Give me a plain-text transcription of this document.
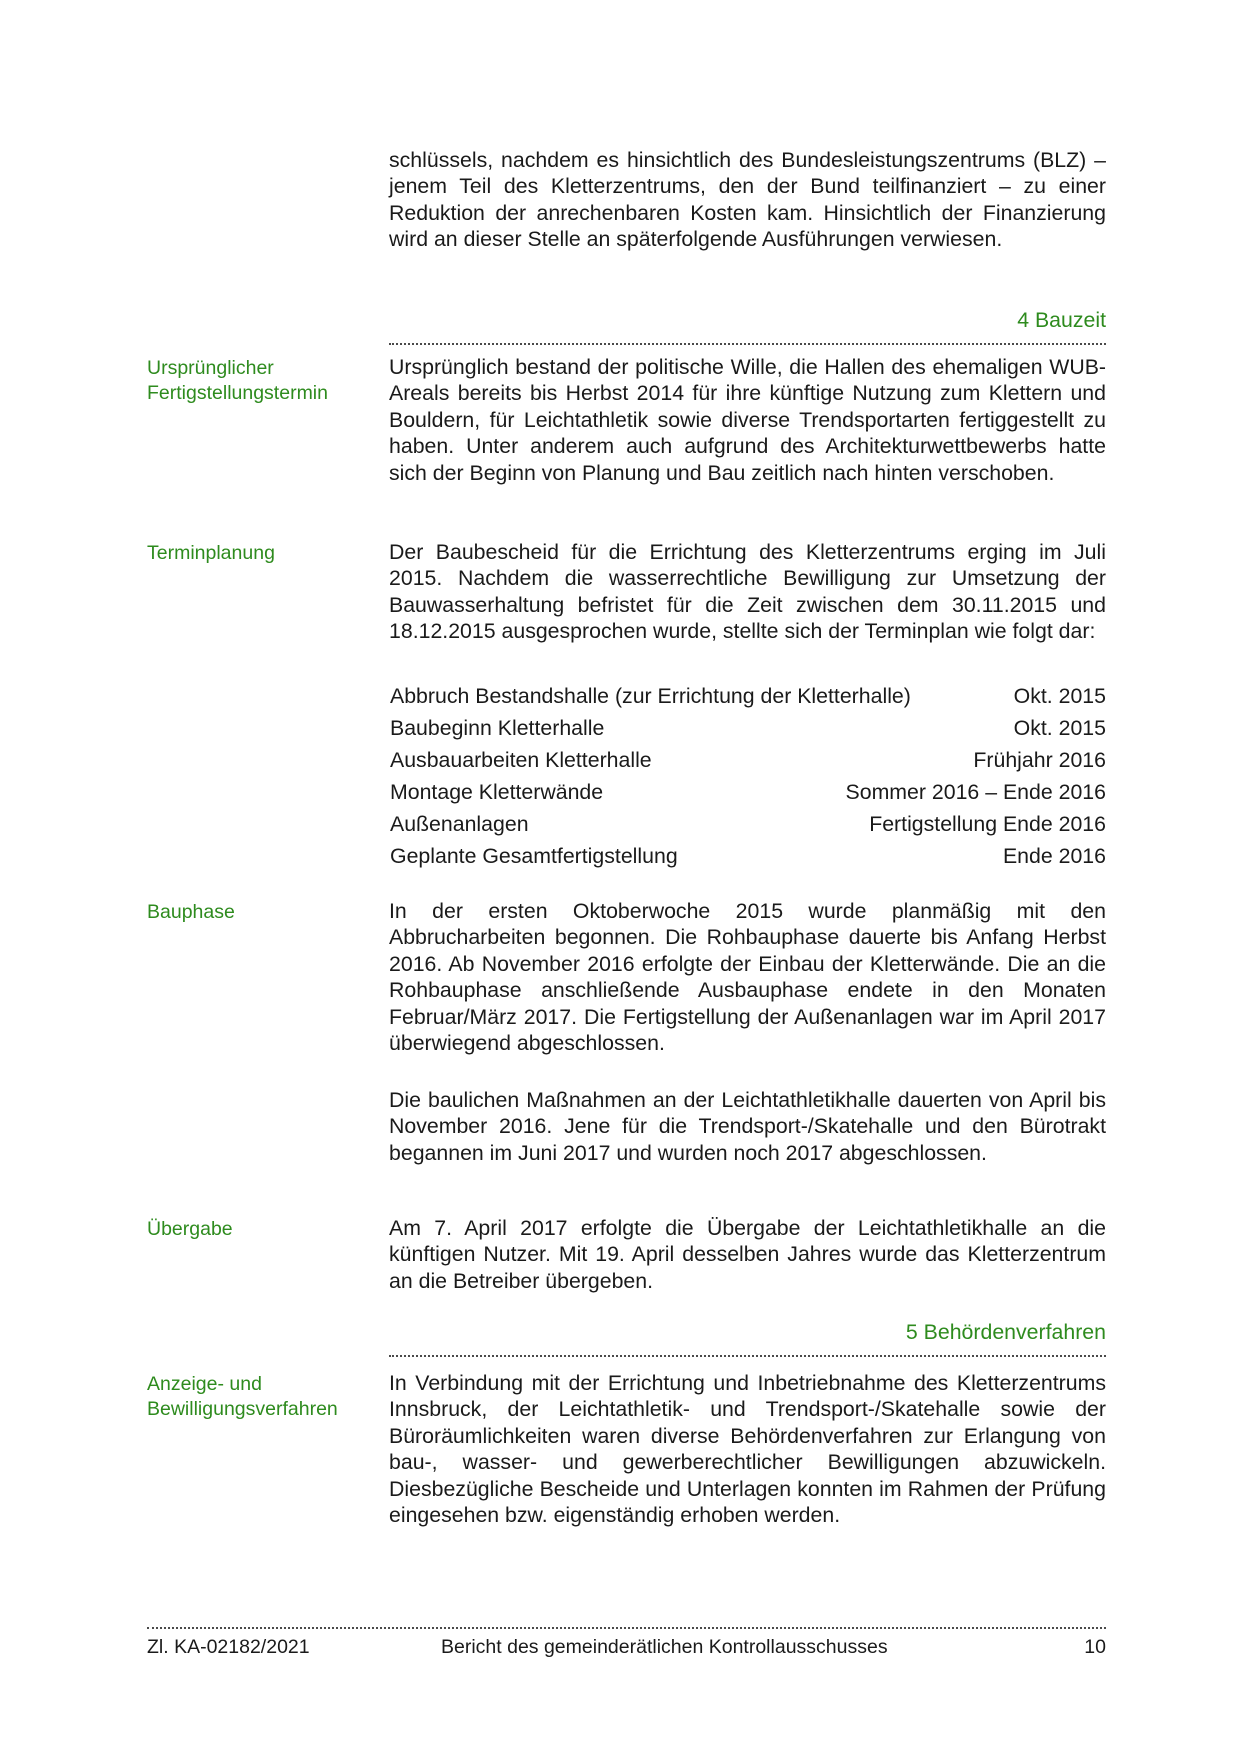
schlüssels, nachdem es hinsichtlich des Bundesleistungszentrums (BLZ) – jenem Teil des Kletterzentrums, den der Bund teilfinanziert – zu einer Reduktion der anrechenbaren Kosten kam. Hinsichtlich der Finanzierung wird an dieser Stelle an späterfolgende Ausführungen verwiesen.

4 Bauzeit

Ursprünglicher Fertigstellungstermin

Ursprünglich bestand der politische Wille, die Hallen des ehemaligen WUB-Areals bereits bis Herbst 2014 für ihre künftige Nutzung zum Klettern und Bouldern, für Leichtathletik sowie diverse Trendsportarten fertiggestellt zu haben. Unter anderem auch aufgrund des Architekturwettbewerbs hatte sich der Beginn von Planung und Bau zeitlich nach hinten verschoben.

Terminplanung	Der Baubescheid für die Errichtung des Kletterzentrums erging im Juli 2015. Nachdem die wasserrechtliche Bewilligung zur Umsetzung der Bauwasserhaltung befristet für die Zeit zwischen dem 30.11.2015 und 18.12.2015 ausgesprochen wurde, stellte sich der Terminplan wie folgt dar:

Abbruch Bestandshalle (zur Errichtung der Kletterhalle)	Okt. 2015
Baubeginn Kletterhalle	Okt. 2015
Ausbauarbeiten Kletterhalle	Frühjahr 2016
Montage Kletterwände	Sommer 2016 – Ende 2016
Außenanlagen	Fertigstellung Ende 2016
Geplante Gesamtfertigstellung	Ende 2016

Bauphase	In der ersten Oktoberwoche 2015 wurde planmäßig mit den Abbrucharbeiten begonnen. Die Rohbauphase dauerte bis Anfang Herbst 2016. Ab November 2016 erfolgte der Einbau der Kletterwände. Die an die Rohbauphase anschließende Ausbauphase endete in den Monaten Februar/März 2017. Die Fertigstellung der Außenanlagen war im April 2017 überwiegend abgeschlossen.

Die baulichen Maßnahmen an der Leichtathletikhalle dauerten von April bis November 2016. Jene für die Trendsport-/Skatehalle und den Bürotrakt begannen im Juni 2017 und wurden noch 2017 abgeschlossen.

Übergabe	Am 7. April 2017 erfolgte die Übergabe der Leichtathletikhalle an die künftigen Nutzer. Mit 19. April desselben Jahres wurde das Kletterzentrum an die Betreiber übergeben.

5 Behördenverfahren

Anzeige- und Bewilligungsverfahren

In Verbindung mit der Errichtung und Inbetriebnahme des Kletterzentrums Innsbruck, der Leichtathletik- und Trendsport-/Skatehalle sowie der Büroräumlichkeiten waren diverse Behördenverfahren zur Erlangung von bau-, wasser- und gewerberechtlicher Bewilligungen abzuwickeln. Diesbezügliche Bescheide und Unterlagen konnten im Rahmen der Prüfung eingesehen bzw. eigenständig erhoben werden.

Zl. KA-02182/2021	Bericht des gemeinderätlichen Kontrollausschusses	10
